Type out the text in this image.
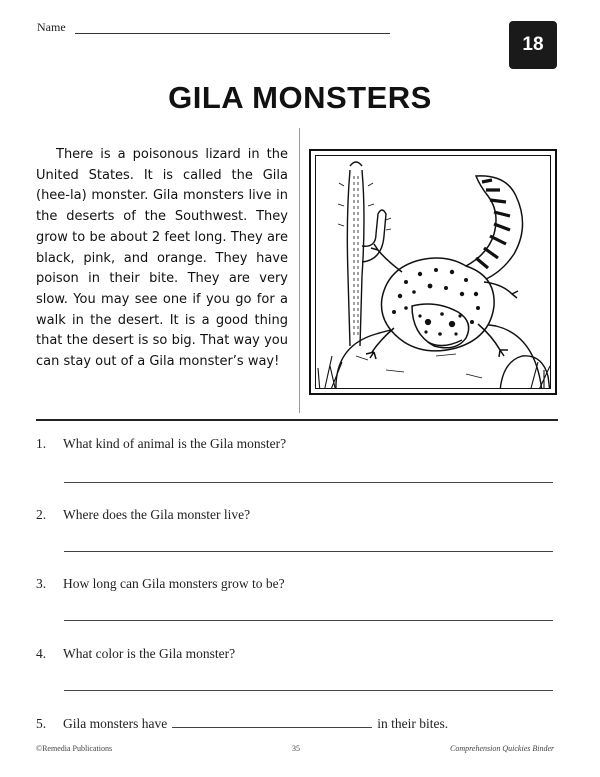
Name
18
GILA MONSTERS

There is a poisonous lizard in the United States. It is called the Gila (hee-la) monster. Gila monsters live in the deserts of the Southwest. They grow to be about 2 feet long. They are black, pink, and orange. They have poison in their bite. They are very slow. You may see one if you go for a walk in the desert. It is a good thing that the desert is so big. That way you can stay out of a Gila monster’s way!

1. What kind of animal is the Gila monster?
2. Where does the Gila monster live?
3. How long can Gila monsters grow to be?
4. What color is the Gila monster?
5. Gila monsters have	in their bites.
©Remedia Publications	35	Comprehension Quickies Binder
